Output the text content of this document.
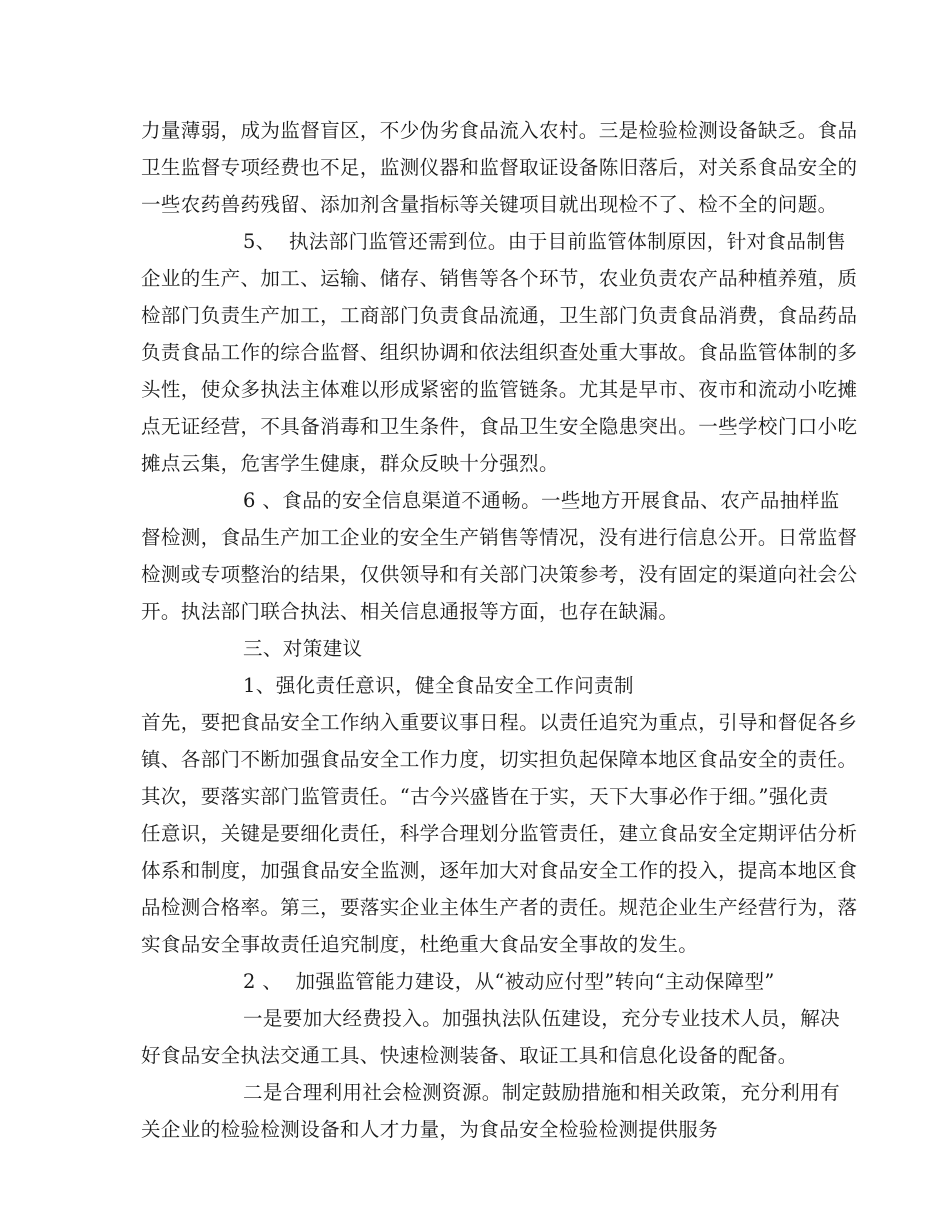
力量薄弱，成为监督盲区，不少伪劣食品流入农村。三是检验检测设备缺乏。食品
卫生监督专项经费也不足，监测仪器和监督取证设备陈旧落后，对关系食品安全的
一些农药兽药残留、添加剂含量指标等关键项目就出现检不了、检不全的问题。
5、  执法部门监管还需到位。由于目前监管体制原因，针对食品制售
企业的生产、加工、运输、储存、销售等各个环节，农业负责农产品种植养殖，质
检部门负责生产加工，工商部门负责食品流通，卫生部门负责食品消费，食品药品
负责食品工作的综合监督、组织协调和依法组织查处重大事故。食品监管体制的多
头性，使众多执法主体难以形成紧密的监管链条。尤其是早市、夜市和流动小吃摊
点无证经营，不具备消毒和卫生条件，食品卫生安全隐患突出。一些学校门口小吃
摊点云集，危害学生健康，群众反映十分强烈。
6 、食品的安全信息渠道不通畅。一些地方开展食品、农产品抽样监
督检测，食品生产加工企业的安全生产销售等情况，没有进行信息公开。日常监督
检测或专项整治的结果，仅供领导和有关部门决策参考，没有固定的渠道向社会公
开。执法部门联合执法、相关信息通报等方面，也存在缺漏。
三、对策建议
1、强化责任意识，健全食品安全工作问责制
首先，要把食品安全工作纳入重要议事日程。以责任追究为重点，引导和督促各乡
镇、各部门不断加强食品安全工作力度，切实担负起保障本地区食品安全的责任。
其次，要落实部门监管责任。“古今兴盛皆在于实，天下大事必作于细。”强化责
任意识，关键是要细化责任，科学合理划分监管责任，建立食品安全定期评估分析
体系和制度，加强食品安全监测，逐年加大对食品安全工作的投入，提高本地区食
品检测合格率。第三，要落实企业主体生产者的责任。规范企业生产经营行为，落
实食品安全事故责任追究制度，杜绝重大食品安全事故的发生。
2 、  加强监管能力建设，从“被动应付型”转向“主动保障型”
一是要加大经费投入。加强执法队伍建设，充分专业技术人员，解决
好食品安全执法交通工具、快速检测装备、取证工具和信息化设备的配备。
二是合理利用社会检测资源。制定鼓励措施和相关政策，充分利用有
关企业的检验检测设备和人才力量，为食品安全检验检测提供服务
